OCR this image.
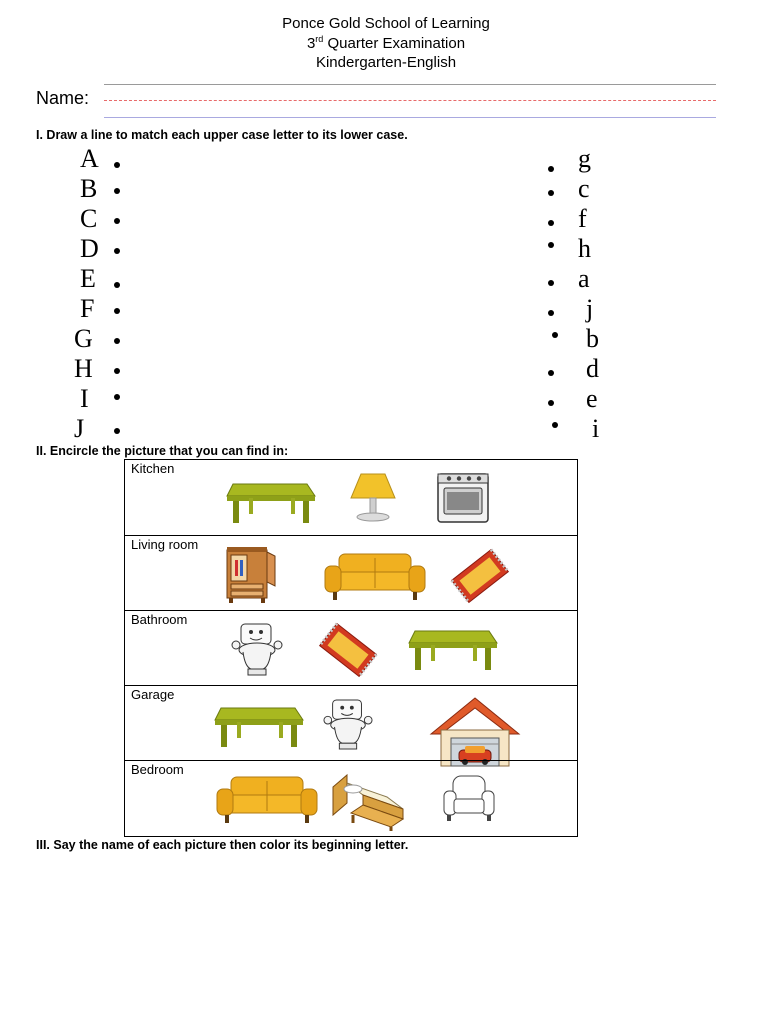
Ponce Gold School of Learning
3rd Quarter Examination
Kindergarten-English
Name:
I. Draw a line to match each upper case letter to its lower case.
A	g
B	c
C	f
D	h
E	a
F	j
G	b
H	d
I	e
J	i
II. Encircle the picture that you can find in:
Kitchen
Living room
Bathroom
Garage
Bedroom
III. Say the name of each picture then color its beginning letter.
